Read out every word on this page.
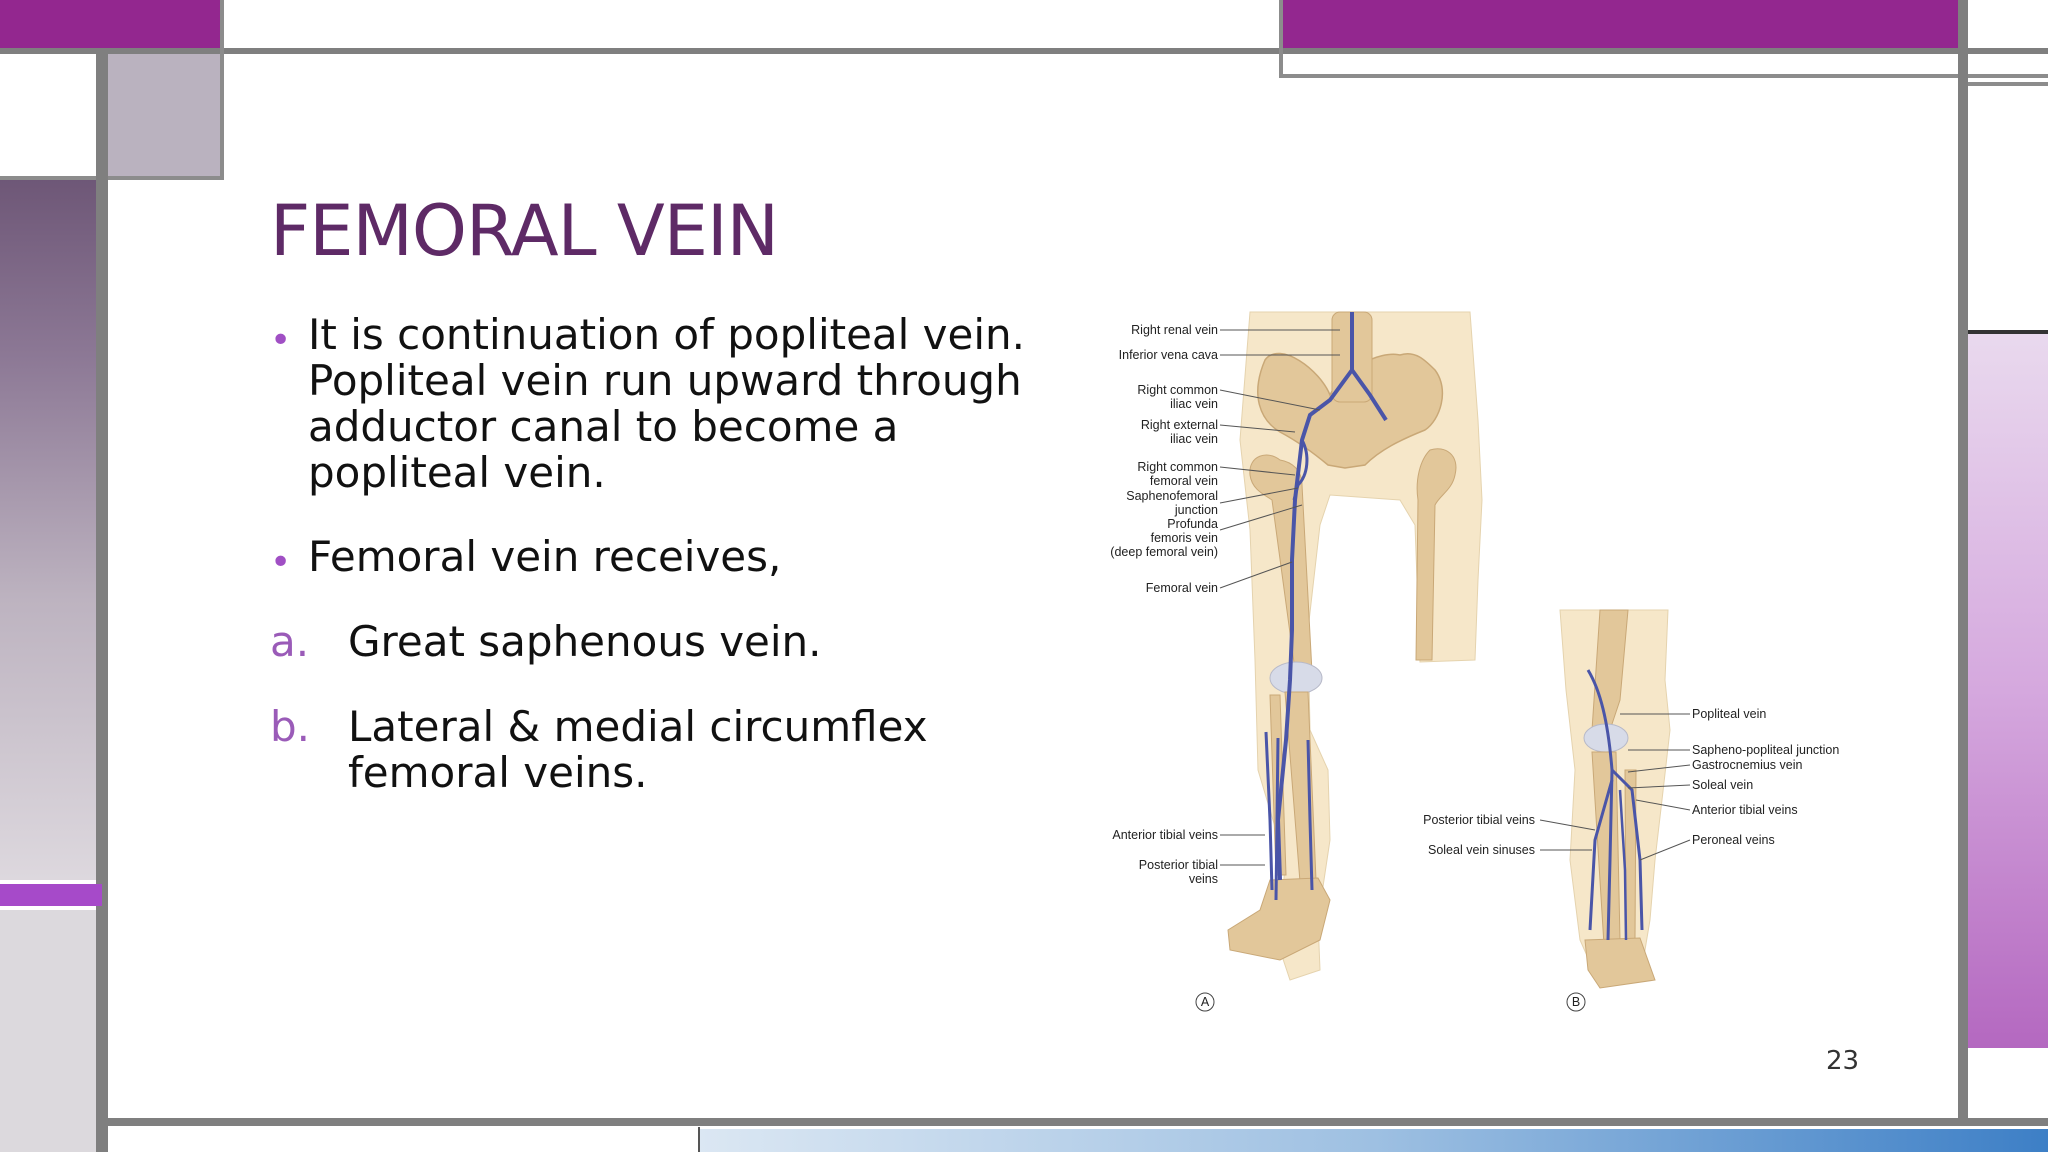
FEMORAL VEIN
• It is continuation of popliteal vein.
Popliteal vein run upward through
adductor canal to become a
popliteal vein.
• Femoral vein receives,
a. Great saphenous vein.
b. Lateral & medial circumflex
femoral veins.
Right renal vein
Inferior vena cava
Right common
iliac vein
Right external
iliac vein
Right common
femoral vein
Saphenofemoral
junction
Profunda
femoris vein
(deep femoral vein)
Femoral vein
Anterior tibial veins
Posterior tibial
veins
Posterior tibial veins
Soleal vein sinuses
Popliteal vein
Sapheno-popliteal junction
Gastrocnemius vein
Soleal vein
Anterior tibial veins
Peroneal veins
A	B
23
